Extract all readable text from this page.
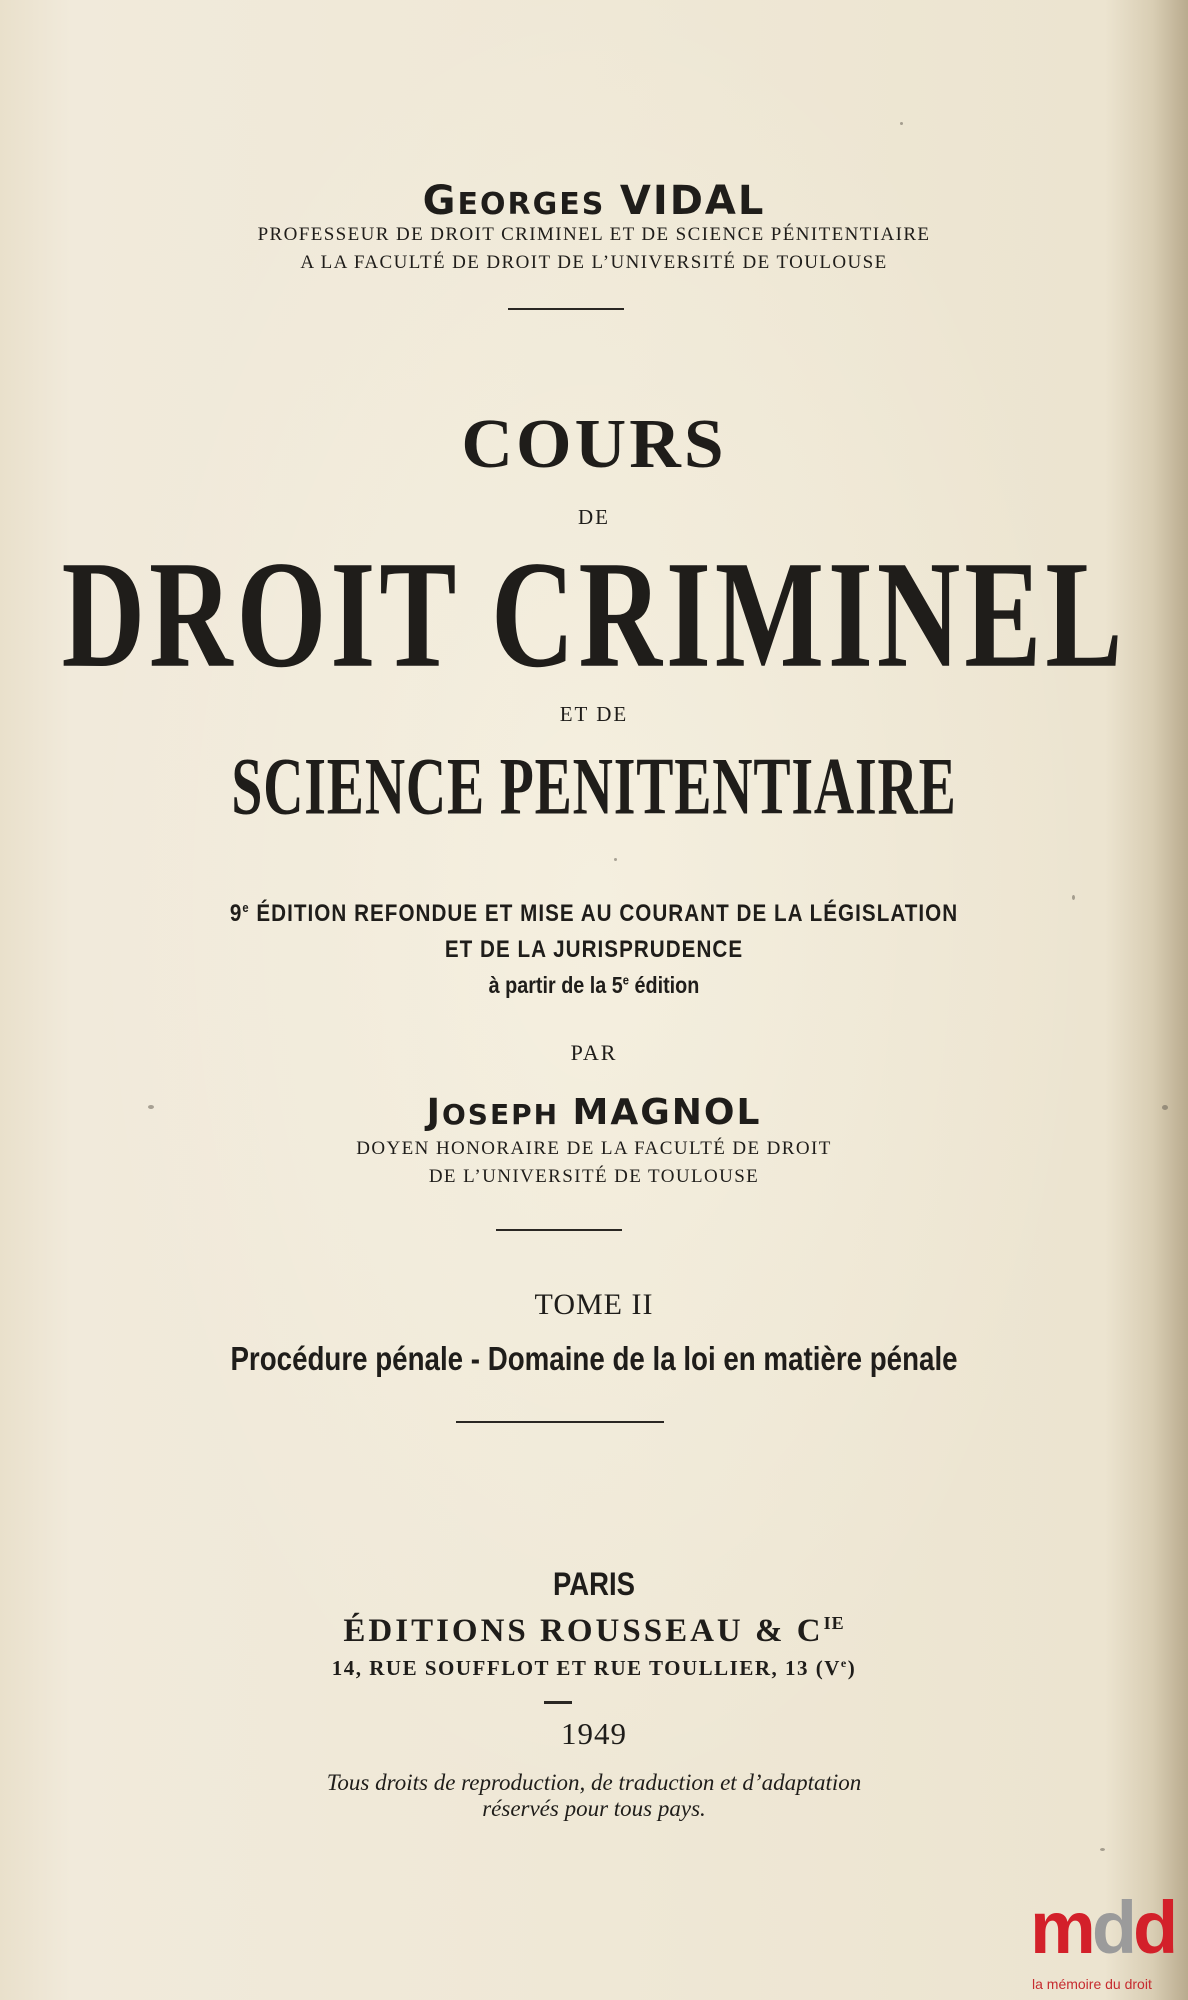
GEORGES VIDAL
PROFESSEUR DE DROIT CRIMINEL ET DE SCIENCE PÉNITENTIAIRE
A LA FACULTÉ DE DROIT DE L’UNIVERSITÉ DE TOULOUSE
COURS
DE
DROIT CRIMINEL
ET DE
SCIENCE PENITENTIAIRE
9e ÉDITION REFONDUE ET MISE AU COURANT DE LA LÉGISLATION
ET DE LA JURISPRUDENCE
à partir de la 5e édition
PAR
JOSEPH MAGNOL
DOYEN HONORAIRE DE LA FACULTÉ DE DROIT
DE L’UNIVERSITÉ DE TOULOUSE
TOME II
Procédure pénale - Domaine de la loi en matière pénale
PARIS
ÉDITIONS ROUSSEAU & $C^{IE}$
14, RUE SOUFFLOT ET RUE TOULLIER, 13 (Ve)
1949
Tous droits de reproduction, de traduction et d’adaptation
réservés pour tous pays.
mdd
la mémoire du droit
